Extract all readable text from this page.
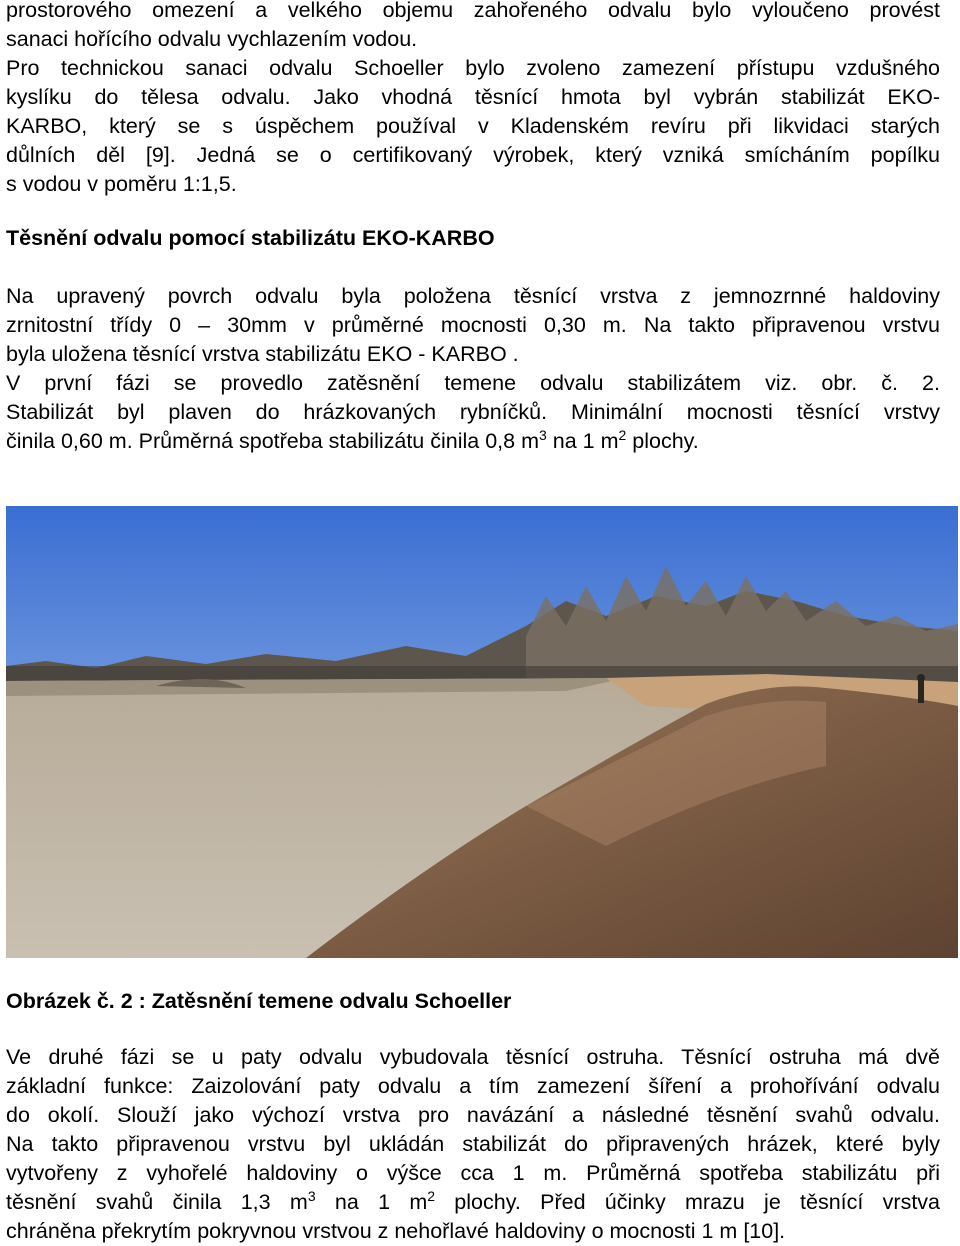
prostorového omezení a velkého objemu zahořeného odvalu bylo vyloučeno provést
sanaci hořícího odvalu vychlazením vodou.
Pro technickou sanaci odvalu Schoeller bylo zvoleno zamezení přístupu vzdušného
kyslíku do tělesa odvalu. Jako vhodná těsnící hmota byl vybrán stabilizát EKO-
KARBO, který se s úspěchem používal v Kladenském revíru při likvidaci starých
důlních děl [9]. Jedná se o certifikovaný výrobek, který vzniká smícháním popílku
s vodou v poměru 1:1,5.

Těsnění odvalu pomocí stabilizátu EKO-KARBO

Na upravený povrch odvalu byla položena těsnící vrstva z jemnozrnné haldoviny
zrnitostní třídy 0 – 30mm v průměrné mocnosti 0,30 m. Na takto připravenou vrstvu
byla uložena těsnící vrstva stabilizátu EKO - KARBO .
V první fázi se provedlo zatěsnění temene odvalu stabilizátem viz. obr. č. 2.
Stabilizát byl plaven do hrázkovaných rybníčků. Minimální mocnosti těsnící vrstvy
činila 0,60 m. Průměrná spotřeba stabilizátu činila 0,8 $m^3$ na 1 $m^2$ plochy.

Obrázek č. 2 : Zatěsnění temene odvalu Schoeller

Ve druhé fázi se u paty odvalu vybudovala těsnící ostruha. Těsnící ostruha má dvě
základní funkce: Zaizolování paty odvalu a tím zamezení šíření a prohořívání odvalu
do okolí. Slouží jako výchozí vrstva pro navázání a následné těsnění svahů odvalu.
Na takto připravenou vrstvu byl ukládán stabilizát do připravených hrázek, které byly
vytvořeny z vyhořelé haldoviny o výšce cca 1 m. Průměrná spotřeba stabilizátu při
těsnění svahů činila 1,3 $m^3$ na 1 $m^2$ plochy. Před účinky mrazu je těsnící vrstva
chráněna překrytím pokryvnou vrstvou z nehořlavé haldoviny o mocnosti 1 m [10].
